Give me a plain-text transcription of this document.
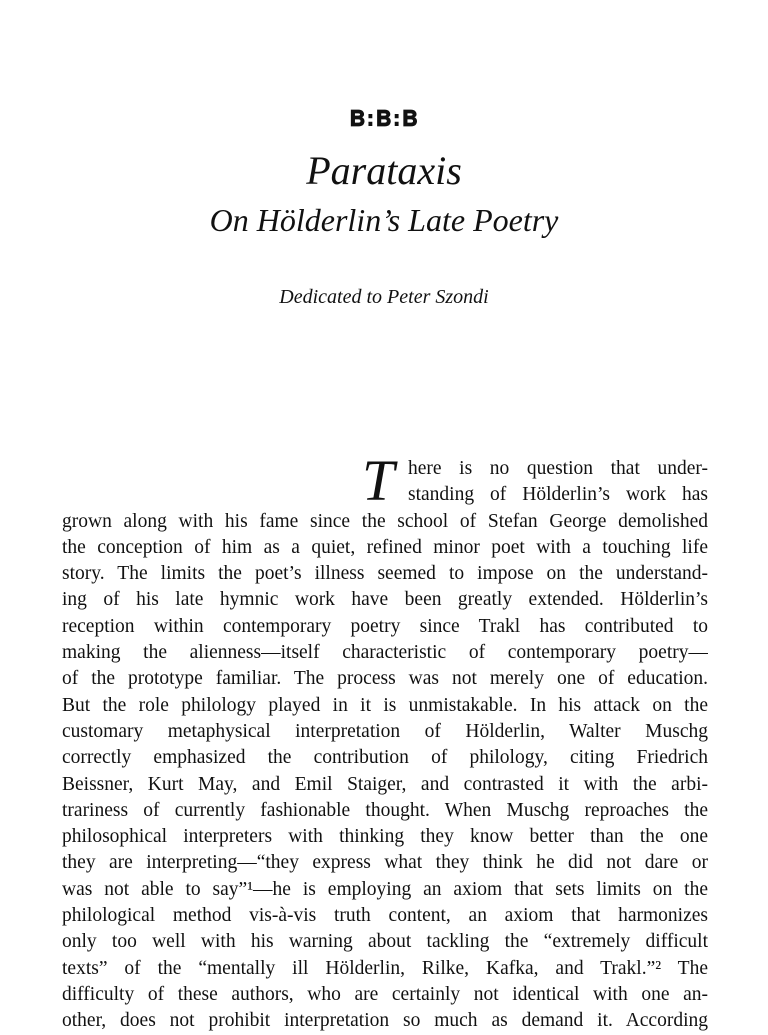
𝐁:𝐁:𝐁
Parataxis
On Hölderlin’s Late Poetry
Dedicated to Peter Szondi
T here is no question that under-
standing of Hölderlin’s work has
grown along with his fame since the school of Stefan George demolished
the conception of him as a quiet, refined minor poet with a touching life
story. The limits the poet’s illness seemed to impose on the understand-
ing of his late hymnic work have been greatly extended. Hölderlin’s
reception within contemporary poetry since Trakl has contributed to
making the alienness—itself characteristic of contemporary poetry—
of the prototype familiar. The process was not merely one of education.
But the role philology played in it is unmistakable. In his attack on the
customary metaphysical interpretation of Hölderlin, Walter Muschg
correctly emphasized the contribution of philology, citing Friedrich
Beissner, Kurt May, and Emil Staiger, and contrasted it with the arbi-
trariness of currently fashionable thought. When Muschg reproaches the
philosophical interpreters with thinking they know better than the one
they are interpreting—“they express what they think he did not dare or
was not able to say”¹—he is employing an axiom that sets limits on the
philological method vis-à-vis truth content, an axiom that harmonizes
only too well with his warning about tackling the “extremely difficult
texts” of the “mentally ill Hölderlin, Rilke, Kafka, and Trakl.”² The
difficulty of these authors, who are certainly not identical with one an-
other, does not prohibit interpretation so much as demand it. According
